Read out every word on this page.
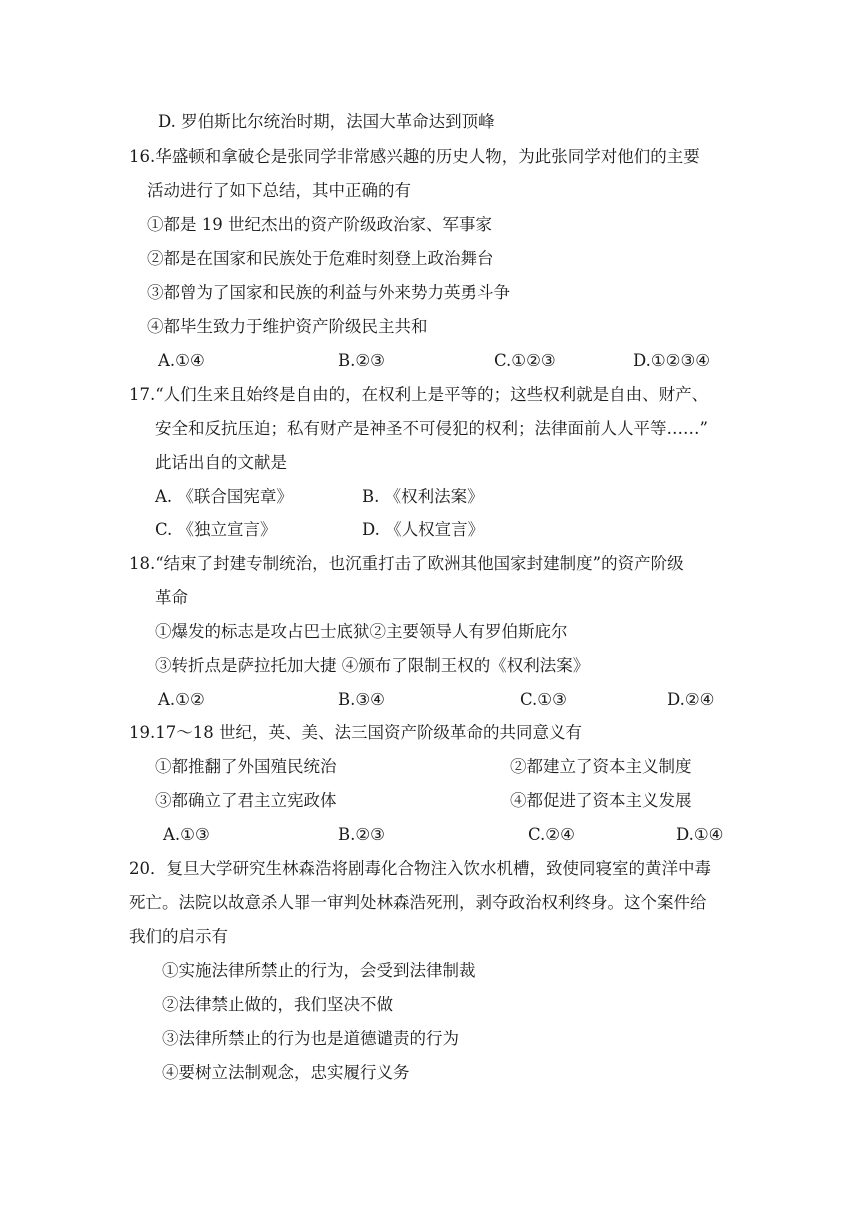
D. 罗伯斯比尔统治时期，法国大革命达到顶峰
16.华盛顿和拿破仑是张同学非常感兴趣的历史人物，为此张同学对他们的主要
活动进行了如下总结，其中正确的有
①都是 19 世纪杰出的资产阶级政治家、军事家
②都是在国家和民族处于危难时刻登上政治舞台
③都曾为了国家和民族的利益与外来势力英勇斗争
④都毕生致力于维护资产阶级民主共和
A.①④	B.②③	C.①②③	D.①②③④
17.“人们生来且始终是自由的，在权利上是平等的；这些权利就是自由、财产、
安全和反抗压迫；私有财产是神圣不可侵犯的权利；法律面前人人平等……”
此话出自的文献是
A. 《联合国宪章》	B. 《权利法案》
C. 《独立宣言》	D. 《人权宣言》
18.“结束了封建专制统治，也沉重打击了欧洲其他国家封建制度”的资产阶级
革命
①爆发的标志是攻占巴士底狱②主要领导人有罗伯斯庇尔
③转折点是萨拉托加大捷 ④颁布了限制王权的《权利法案》
A.①②	B.③④	C.①③	D.②④
19.17～18 世纪，英、美、法三国资产阶级革命的共同意义有
①都推翻了外国殖民统治	②都建立了资本主义制度
③都确立了君主立宪政体	④都促进了资本主义发展
A.①③	B.②③	C.②④	D.①④
20．复旦大学研究生林森浩将剧毒化合物注入饮水机槽，致使同寝室的黄洋中毒
死亡。法院以故意杀人罪一审判处林森浩死刑，剥夺政治权利终身。这个案件给
我们的启示有
①实施法律所禁止的行为，会受到法律制裁
②法律禁止做的，我们坚决不做
③法律所禁止的行为也是道德谴责的行为
④要树立法制观念，忠实履行义务
